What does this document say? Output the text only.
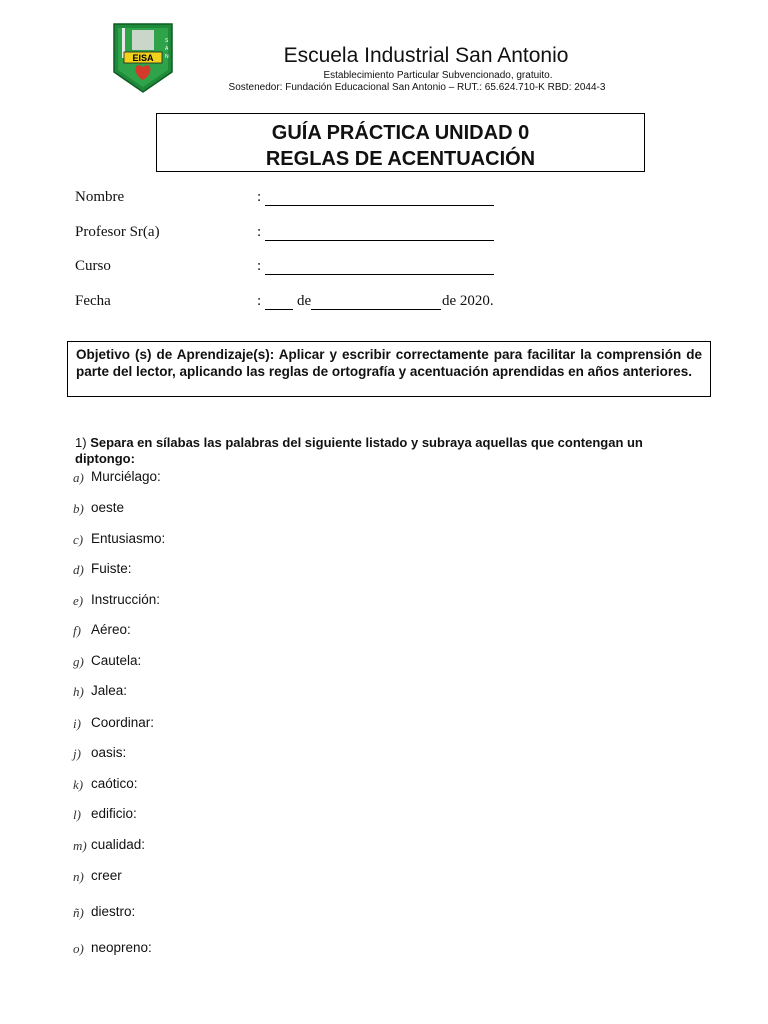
EISA
S
A
N	Escuela Industrial San Antonio
Establecimiento Particular Subvencionado, gratuito.
Sostenedor: Fundación Educacional San Antonio – RUT.: 65.624.710-K RBD: 2044-3
GUÍA PRÁCTICA UNIDAD 0
REGLAS DE ACENTUACIÓN
Nombre	:
Profesor Sr(a)	:
Curso	:
Fecha	: de	de 2020.
Objetivo (s) de Aprendizaje(s): Aplicar y escribir correctamente para facilitar la comprensión de parte del lector, aplicando las reglas de ortografía y acentuación aprendidas en años anteriores.
1) Separa en sílabas las palabras del siguiente listado y subraya aquellas que contengan un diptongo:
a) Murciélago:
b) oeste
c) Entusiasmo:
d) Fuiste:
e) Instrucción:
f) Aéreo:
g) Cautela:
h) Jalea:
i) Coordinar:
j) oasis:
k) caótico:
l) edificio:
m) cualidad:
n) creer
ñ) diestro:
o) neopreno:
